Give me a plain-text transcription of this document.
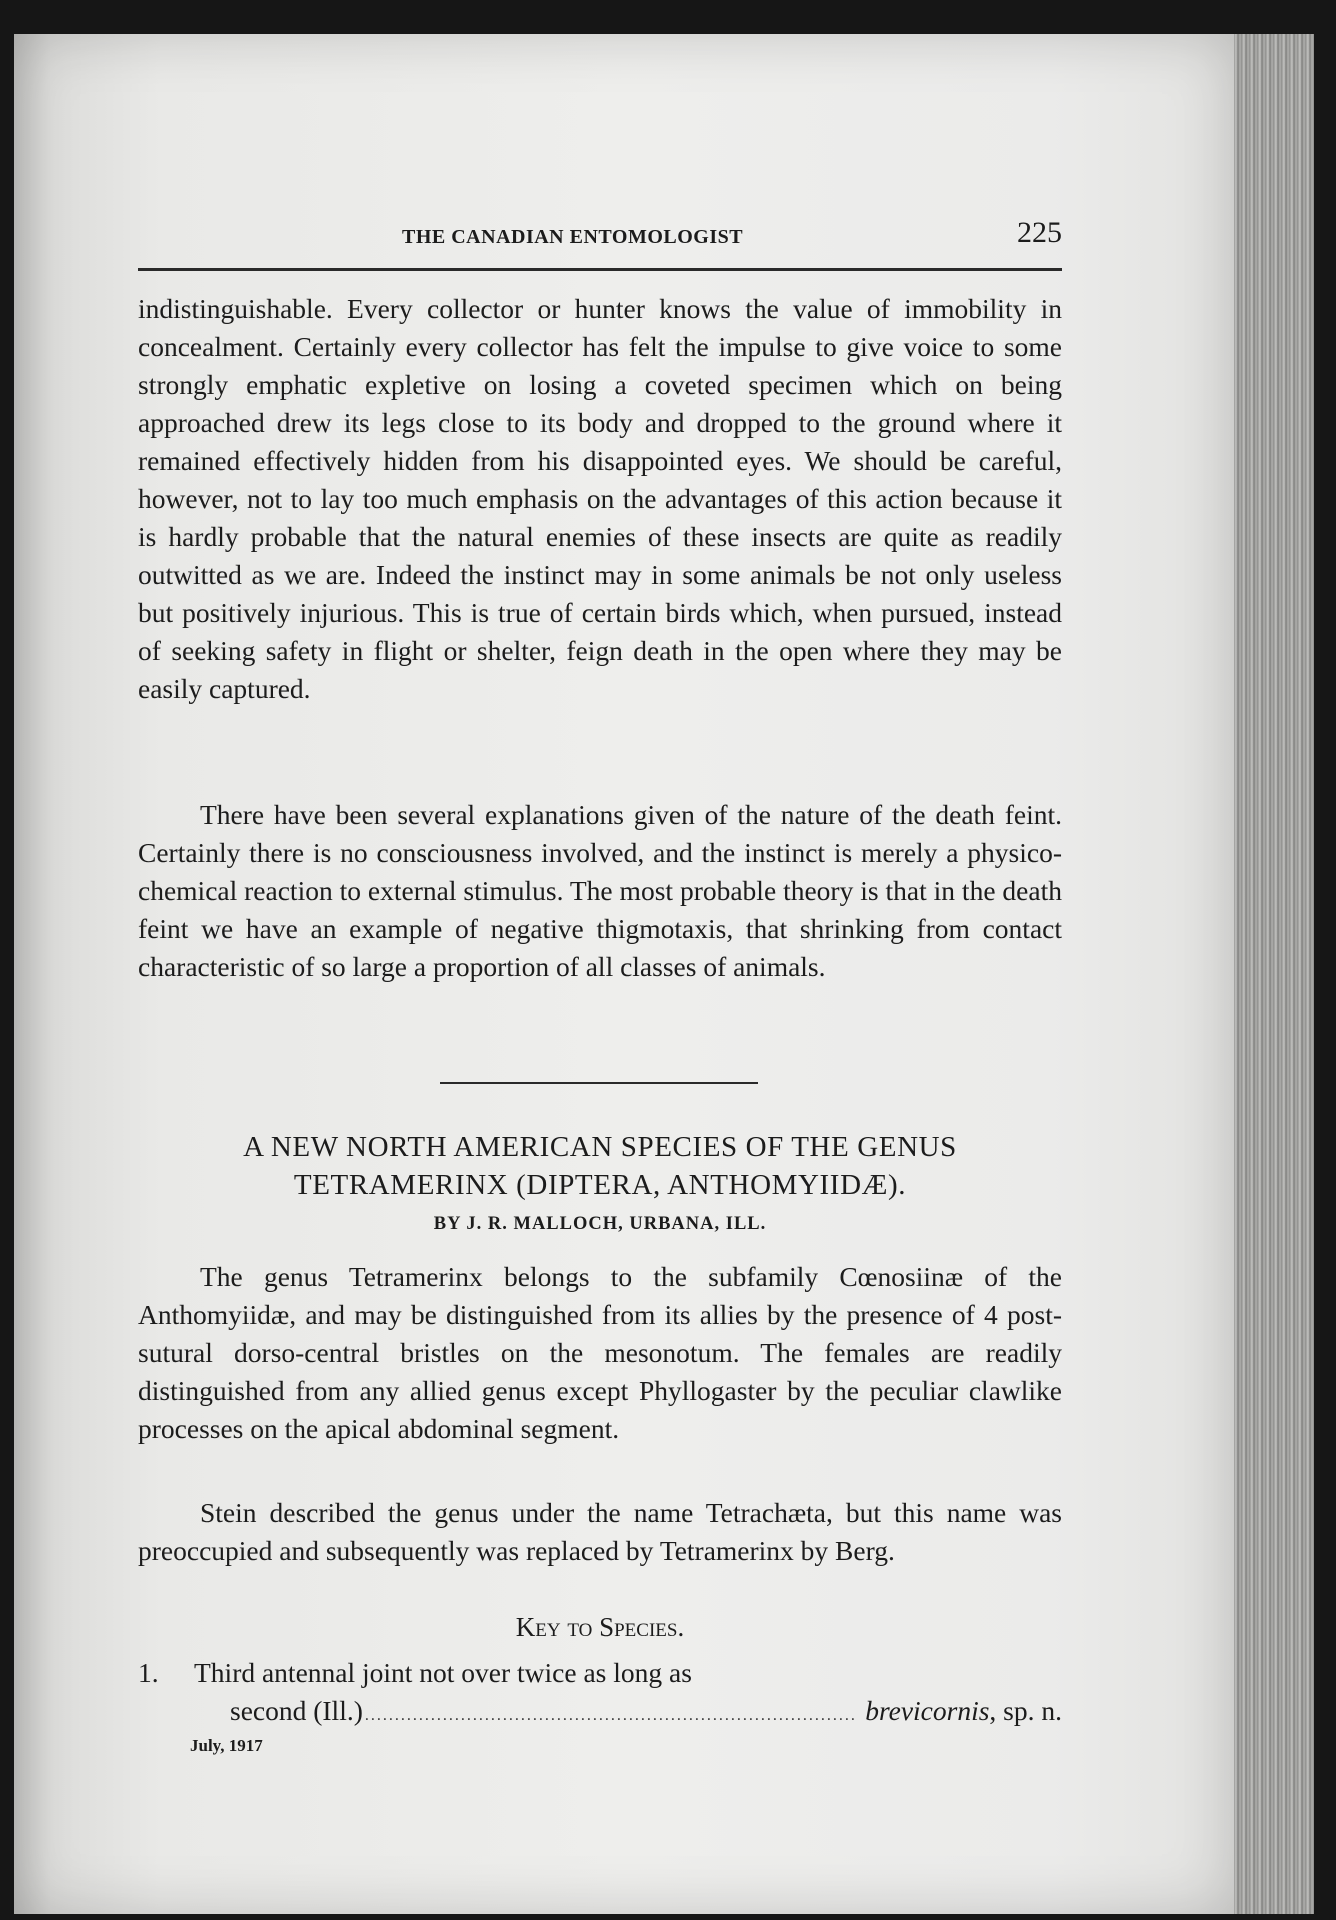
THE CANADIAN ENTOMOLOGIST	225

indistinguishable. Every collector or hunter knows the value of immobility in concealment. Certainly every collector has felt the impulse to give voice to some strongly emphatic expletive on losing a coveted specimen which on being approached drew its legs close to its body and dropped to the ground where it remained effectively hidden from his disappointed eyes. We should be careful, however, not to lay too much emphasis on the advantages of this action because it is hardly probable that the natural enemies of these insects are quite as readily outwitted as we are. Indeed the instinct may in some animals be not only useless but positively injurious. This is true of certain birds which, when pursued, instead of seeking safety in flight or shelter, feign death in the open where they may be easily captured.

There have been several explanations given of the nature of the death feint. Certainly there is no consciousness involved, and the instinct is merely a physico-chemical reaction to external stimulus. The most probable theory is that in the death feint we have an example of negative thigmotaxis, that shrinking from contact characteristic of so large a proportion of all classes of animals.

A NEW NORTH AMERICAN SPECIES OF THE GENUS
TETRAMERINX (DIPTERA, ANTHOMYIIDÆ).
BY J. R. MALLOCH, URBANA, ILL.

The genus Tetramerinx belongs to the subfamily Cœnosiinæ of the Anthomyiidæ, and may be distinguished from its allies by the presence of 4 post-sutural dorso-central bristles on the mesonotum. The females are readily distinguished from any allied genus except Phyllogaster by the peculiar clawlike processes on the apical abdominal segment.

Stein described the genus under the name Tetrachæta, but this name was preoccupied and subsequently was replaced by Tetramerinx by Berg.

Key to Species.
1. Third antennal joint not over twice as long as
second (Ill.) .................................................................................. brevicornis , sp. n.
July, 1917
